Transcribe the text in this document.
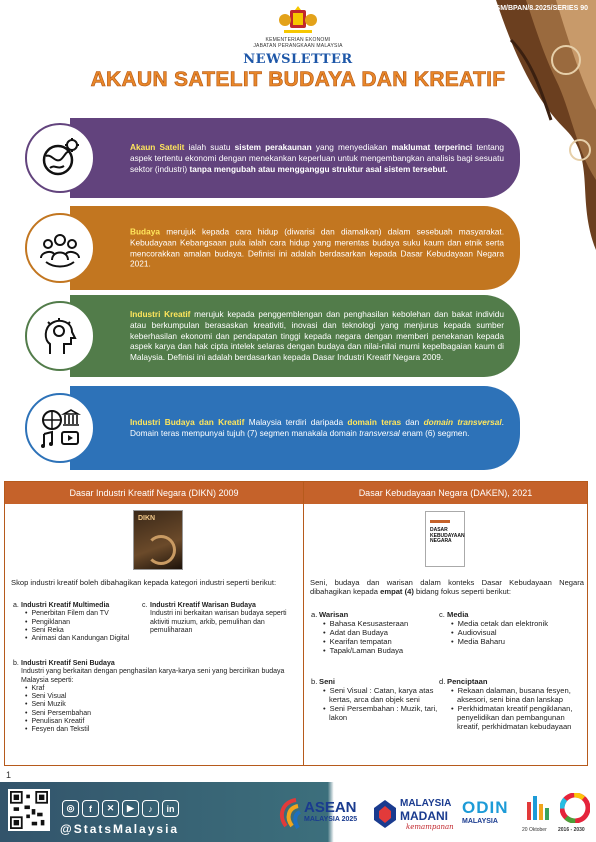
DOSM/BPAN/8.2025/SERIES 90
KEMENTERIAN EKONOMI
JABATAN PERANGKAAN MALAYSIA
NEWSLETTER
AKAUN SATELIT BUDAYA DAN KREATIF
Akaun Satelit ialah suatu sistem perakaunan yang menyediakan maklumat terperinci tentang aspek tertentu ekonomi dengan menekankan keperluan untuk mengembangkan analisis bagi sesuatu sektor (industri) tanpa mengubah atau mengganggu struktur asal sistem tersebut.
Budaya merujuk kepada cara hidup (diwarisi dan diamalkan) dalam sesebuah masyarakat. Kebudayaan Kebangsaan pula ialah cara hidup yang merentas budaya suku kaum dan etnik serta mencorakkan amalan budaya. Definisi ini adalah berdasarkan kepada Dasar Kebudayaan Negara 2021.
Industri Kreatif merujuk kepada penggemblengan dan penghasilan kebolehan dan bakat individu atau berkumpulan berasaskan kreativiti, inovasi dan teknologi yang menjurus kepada sumber keberhasilan ekonomi dan pendapatan tinggi kepada negara dengan memberi penekanan kepada aspek karya dan hak cipta intelek selaras dengan budaya dan nilai-nilai murni kepelbagaian kaum di Malaysia. Definisi ini adalah berdasarkan kepada Dasar Industri Kreatif Negara 2009.
Industri Budaya dan Kreatif Malaysia terdiri daripada domain teras dan domain transversal. Domain teras mempunyai tujuh (7) segmen manakala domain transversal enam (6) segmen.
Dasar Industri Kreatif Negara (DIKN) 2009	Dasar Kebudayaan Negara (DAKEN), 2021
DIKN
DASAR KEBUDAYAAN NEGARA
Skop industri kreatif boleh dibahagikan kepada kategori industri seperti berikut:
a. Industri Kreatif Multimedia
• Penerbitan Filem dan TV
• Pengiklanan
• Seni Reka
• Animasi dan Kandungan Digital
c. Industri Kreatif Warisan Budaya
Industri ini berkaitan warisan budaya seperti aktiviti muzium, arkib, pemulihan dan pemuliharaan
b. Industri Kreatif Seni Budaya
Industri yang berkaitan dengan penghasilan karya-karya seni yang bercirikan budaya Malaysia seperti:
• Kraf
• Seni Visual
• Seni Muzik
• Seni Persembahan
• Penulisan Kreatif
• Fesyen dan Tekstil
Seni, budaya dan warisan dalam konteks Dasar Kebudayaan Negara dibahagikan kepada empat (4) bidang fokus seperti berikut:
a. Warisan
• Bahasa Kesusasteraan
• Adat dan Budaya
• Kearifan tempatan
• Tapak/Laman Budaya
c. Media
• Media cetak dan elektronik
• Audiovisual
• Media Baharu
b. Seni
• Seni Visual : Catan, karya atas kertas, arca dan objek seni
• Seni Persembahan : Muzik, tari, lakon
d. Penciptaan
• Rekaan dalaman, busana fesyen, aksesori, seni bina dan lanskap
• Perkhidmatan kreatif pengiklanan, penyelidikan dan pembangunan kreatif, perkhidmatan kebudayaan
1
◎	f	✕	▶	♪	in
@StatsMalaysia
ASEAN
MALAYSIA 2025
MALAYSIA
MADANI
kemampanan
ODIN
MALAYSIA
20 Oktober 2016 - 2030
